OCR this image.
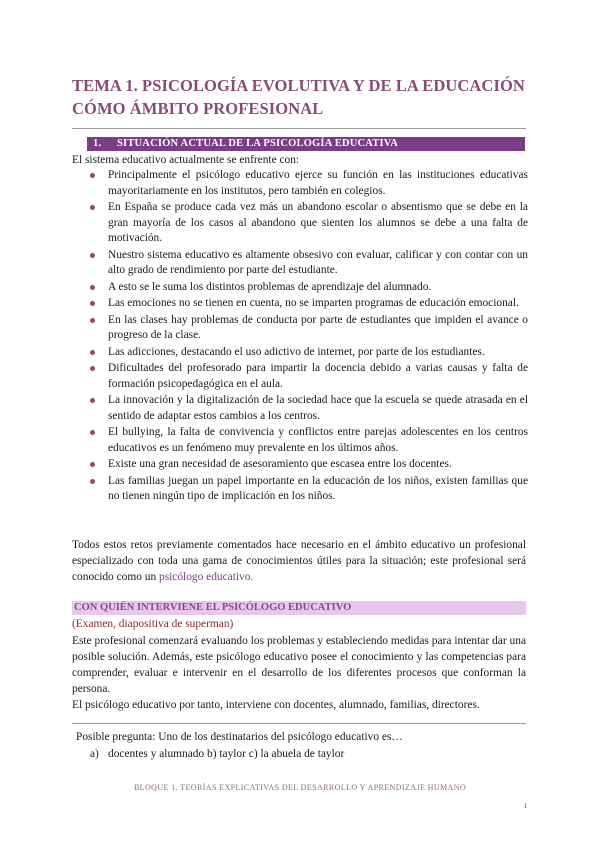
TEMA 1. PSICOLOGÍA EVOLUTIVA Y DE LA EDUCACIÓN CÓMO ÁMBITO PROFESIONAL
1. SITUACIÓN ACTUAL DE LA PSICOLOGÍA EDUCATIVA
El sistema educativo actualmente se enfrente con:
Principalmente el psicólogo educativo ejerce su función en las instituciones educativas mayoritariamente en los institutos, pero también en colegios.
En España se produce cada vez más un abandono escolar o absentismo que se debe en la gran mayoría de los casos al abandono que sienten los alumnos se debe a una falta de motivación.
Nuestro sistema educativo es altamente obsesivo con evaluar, calificar y con contar con un alto grado de rendimiento por parte del estudiante.
A esto se le suma los distintos problemas de aprendizaje del alumnado.
Las emociones no se tienen en cuenta, no se imparten programas de educación emocional.
En las clases hay problemas de conducta por parte de estudiantes que impiden el avance o progreso de la clase.
Las adicciones, destacando el uso adictivo de internet, por parte de los estudiantes.
Dificultades del profesorado para impartir la docencia debido a varias causas y falta de formación psicopedagógica en el aula.
La innovación y la digitalización de la sociedad hace que la escuela se quede atrasada en el sentido de adaptar estos cambios a los centros.
El bullying, la falta de convivencia y conflictos entre parejas adolescentes en los centros educativos es un fenómeno muy prevalente en los últimos años.
Existe una gran necesidad de asesoramiento que escasea entre los docentes.
Las familias juegan un papel importante en la educación de los niños, existen familias que no tienen ningún tipo de implicación en los niños.
Todos estos retos previamente comentados hace necesario en el ámbito educativo un profesional especializado con toda una gama de conocimientos útiles para la situación; este profesional será conocido como un psicólogo educativo.
CON QUIÉN INTERVIENE EL PSICÓLOGO EDUCATIVO
(Examen, diapositiva de superman)
Este profesional comenzará evaluando los problemas y estableciendo medidas para intentar dar una posible solución. Además, este psicólogo educativo posee el conocimiento y las competencias para comprender, evaluar e intervenir en el desarrollo de los diferentes procesos que conforman la persona.
El psicólogo educativo por tanto, interviene con docentes, alumnado, familias, directores.
Posible pregunta: Uno de los destinatarios del psicólogo educativo es…
a) docentes y alumnado b) taylor c) la abuela de taylor
BLOQUE 1. TEORÍAS EXPLICATIVAS DEL DESARROLLO Y APRENDIZAJE HUMANO
1
